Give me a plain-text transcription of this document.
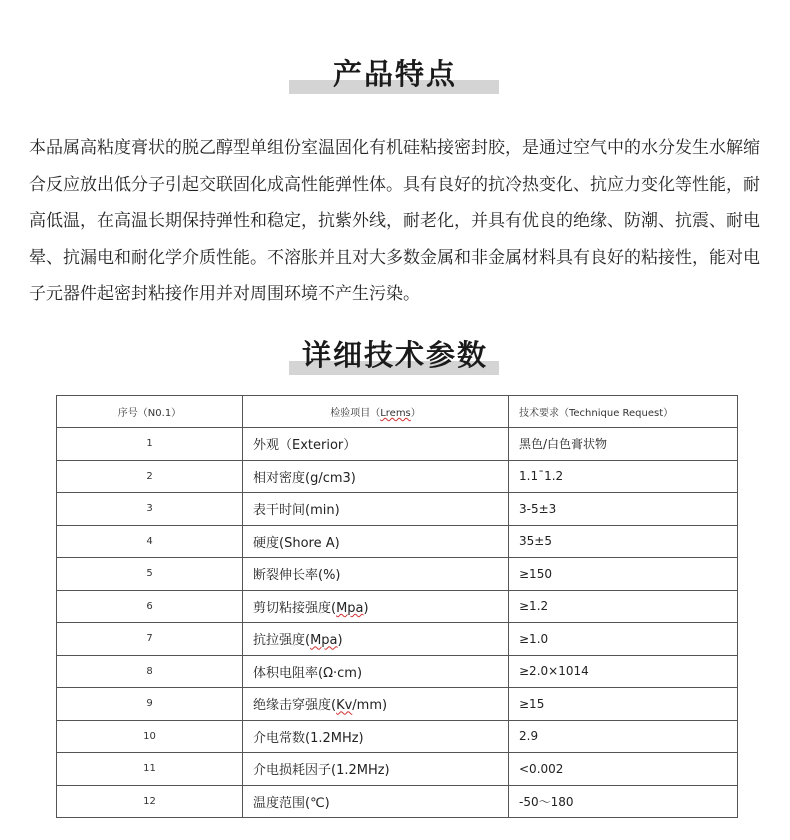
产品特点
本品属高粘度膏状的脱乙醇型单组份室温固化有机硅粘接密封胶，是通过空气中的水分发生水解缩合反应放出低分子引起交联固化成高性能弹性体。具有良好的抗冷热变化、抗应力变化等性能，耐高低温，在高温长期保持弹性和稳定，抗紫外线，耐老化，并具有优良的绝缘、防潮、抗震、耐电晕、抗漏电和耐化学介质性能。不溶胀并且对大多数金属和非金属材料具有良好的粘接性，能对电子元器件起密封粘接作用并对周围环境不产生污染。
详细技术参数
序号（N0.1）	检验项目（Lrems）	技术要求（Technique Request）
1	外观（Exterior）	黑色/白色膏状物
2	相对密度(g/cm3)	1.1¯1.2
3	表干时间(min)	3-5±3
4	硬度(Shore A)	35±5
5	断裂伸长率(%)	≥150
6	剪切粘接强度(Mpa)	≥1.2
7	抗拉强度(Mpa)	≥1.0
8	体积电阻率(Ω·cm)	≥2.0×1014
9	绝缘击穿强度(Kv/mm)	≥15
10	介电常数(1.2MHz)	2.9
11	介电损耗因子(1.2MHz)	<0.002
12	温度范围(℃)	-50～180
